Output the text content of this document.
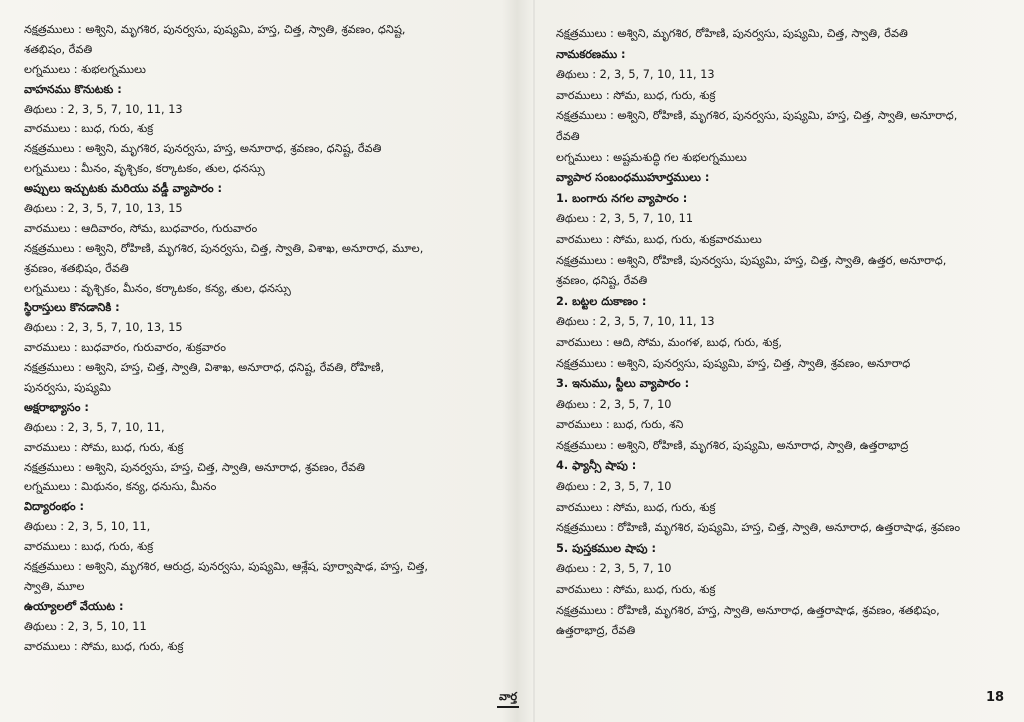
నక్షత్రములు : అశ్విని, మృగశిర, పునర్వసు, పుష్యమి, హస్త, చిత్త, స్వాతి, శ్రవణం, ధనిష్ట,
శతభిషం, రేవతి
లగ్నములు : శుభలగ్నములు
వాహనము కొనుటకు :
తిథులు : 2, 3, 5, 7, 10, 11, 13
వారములు : బుధ, గురు, శుక్ర
నక్షత్రములు : అశ్విని, మృగశిర, పునర్వసు, హస్త, అనూరాధ, శ్రవణం, ధనిష్ట, రేవతి
లగ్నములు : మీనం, వృశ్చికం, కర్కాటకం, తుల, ధనస్సు
అప్పులు ఇచ్చుటకు మరియు వడ్డీ వ్యాపారం :
తిథులు : 2, 3, 5, 7, 10, 13, 15
వారములు : ఆదివారం, సోమ, బుధవారం, గురువారం
నక్షత్రములు : అశ్విని, రోహిణి, మృగశిర, పునర్వసు, చిత్త, స్వాతి, విశాఖ, అనూరాధ, మూల,
శ్రవణం, శతభిషం, రేవతి
లగ్నములు : వృశ్చికం, మీనం, కర్కాటకం, కన్య, తుల, ధనస్సు
స్థిరాస్తులు కొనడానికి :
తిథులు : 2, 3, 5, 7, 10, 13, 15
వారములు : బుధవారం, గురువారం, శుక్రవారం
నక్షత్రములు : అశ్విని, హస్త, చిత్త, స్వాతి, విశాఖ, అనూరాధ, ధనిష్ట, రేవతి, రోహిణి,
పునర్వసు, పుష్యమి
అక్షరాభ్యాసం :
తిథులు : 2, 3, 5, 7, 10, 11,
వారములు : సోమ, బుధ, గురు, శుక్ర
నక్షత్రములు : అశ్విని, పునర్వసు, హస్త, చిత్త, స్వాతి, అనూరాధ, శ్రవణం, రేవతి
లగ్నములు : మిథునం, కన్య, ధనుసు, మీనం
విద్యారంభం :
తిథులు : 2, 3, 5, 10, 11,
వారములు : బుధ, గురు, శుక్ర
నక్షత్రములు : అశ్విని, మృగశిర, ఆరుద్ర, పునర్వసు, పుష్యమి, ఆశ్లేష, పూర్వాషాఢ, హస్త, చిత్త,
స్వాతి, మూల
ఉయ్యాలలో వేయుట :
తిథులు : 2, 3, 5, 10, 11
వారములు : సోమ, బుధ, గురు, శుక్ర
నక్షత్రములు : అశ్విని, మృగశిర, రోహిణి, పునర్వసు, పుష్యమి, చిత్త, స్వాతి, రేవతి
నామకరణము :
తిథులు : 2, 3, 5, 7, 10, 11, 13
వారములు : సోమ, బుధ, గురు, శుక్ర
నక్షత్రములు : అశ్విని, రోహిణి, మృగశిర, పునర్వసు, పుష్యమి, హస్త, చిత్త, స్వాతి, అనూరాధ,
రేవతి
లగ్నములు : అష్టమశుద్ధి గల శుభలగ్నములు
వ్యాపార సంబంధముహూర్తములు :
1. బంగారు నగల వ్యాపారం :
తిథులు : 2, 3, 5, 7, 10, 11
వారములు : సోమ, బుధ, గురు, శుక్రవారములు
నక్షత్రములు : అశ్విని, రోహిణి, పునర్వసు, పుష్యమి, హస్త, చిత్త, స్వాతి, ఉత్తర, అనూరాధ,
శ్రవణం, ధనిష్ట, రేవతి
2. బట్టల దుకాణం :
తిథులు : 2, 3, 5, 7, 10, 11, 13
వారములు : ఆది, సోమ, మంగళ, బుధ, గురు, శుక్ర,
నక్షత్రములు : అశ్విని, పునర్వసు, పుష్యమి, హస్త, చిత్త, స్వాతి, శ్రవణం, అనూరాధ
3. ఇనుము, స్టీలు వ్యాపారం :
తిథులు : 2, 3, 5, 7, 10
వారములు : బుధ, గురు, శని
నక్షత్రములు : అశ్విని, రోహిణి, మృగశిర, పుష్యమి, అనూరాధ, స్వాతి, ఉత్తరాభాద్ర
4. ఫ్యాన్సీ షాపు :
తిథులు : 2, 3, 5, 7, 10
వారములు : సోమ, బుధ, గురు, శుక్ర
నక్షత్రములు : రోహిణి, మృగశిర, పుష్యమి, హస్త, చిత్త, స్వాతి, అనూరాధ, ఉత్తరాషాఢ, శ్రవణం
5. పుస్తకముల షాపు :
తిథులు : 2, 3, 5, 7, 10
వారములు : సోమ, బుధ, గురు, శుక్ర
నక్షత్రములు : రోహిణి, మృగశిర, హస్త, స్వాతి, అనూరాధ, ఉత్తరాషాఢ, శ్రవణం, శతభిషం,
ఉత్తరాభాద్ర, రేవతి
వార్త	18
